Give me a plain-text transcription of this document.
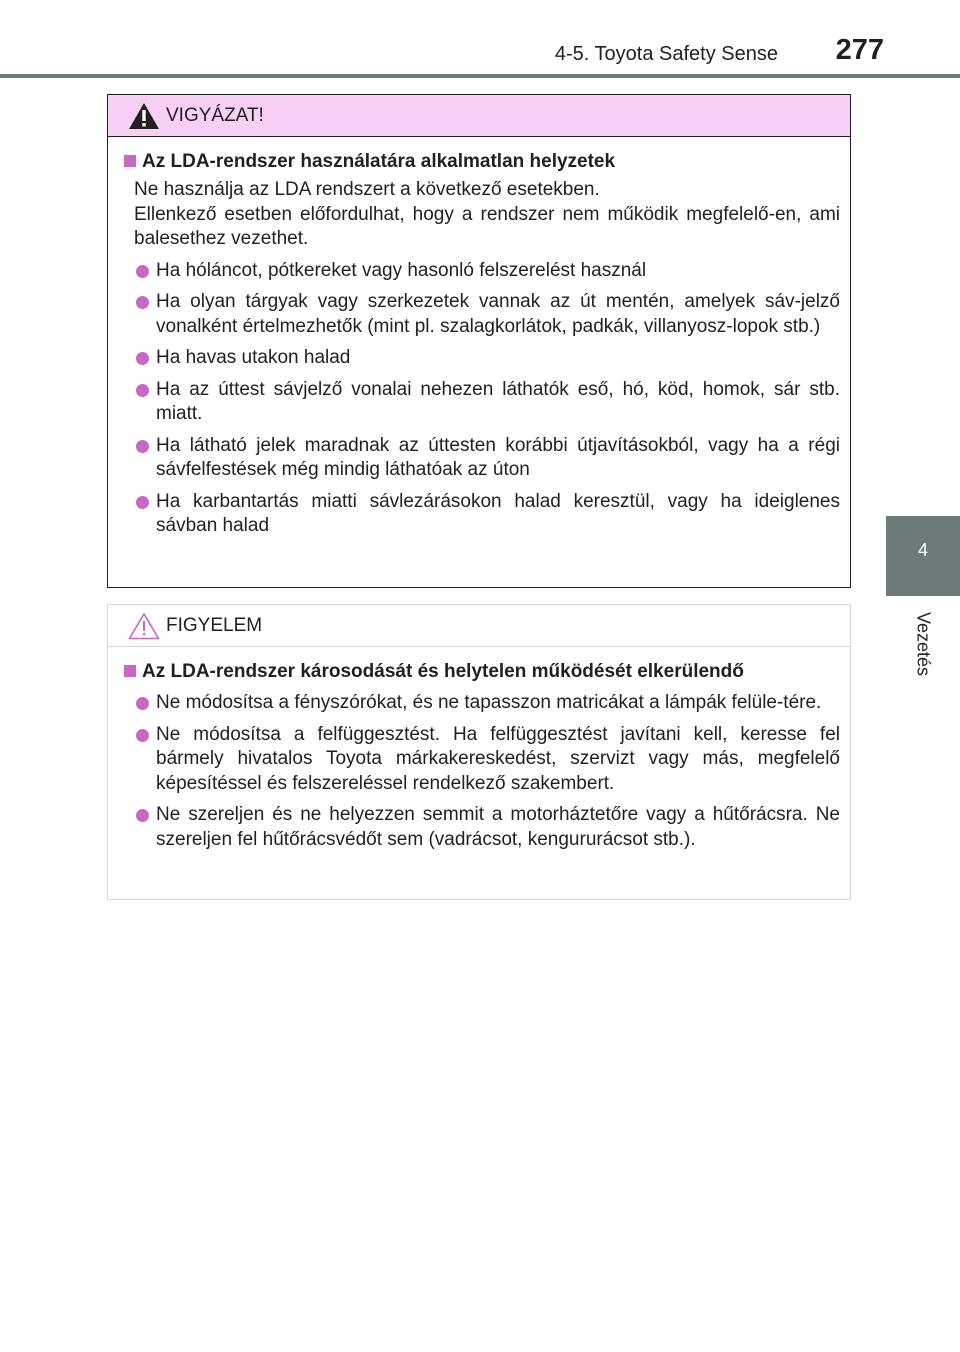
4-5. Toyota Safety Sense 277
4
Vezetés
VIGYÁZAT!
Az LDA-rendszer használatára alkalmatlan helyzetek

Ne használja az LDA rendszert a következő esetekben.

Ellenkező esetben előfordulhat, hogy a rendszer nem működik megfelelő-en, ami balesethez vezethet.

Ha hóláncot, pótkereket vagy hasonló felszerelést használ
Ha olyan tárgyak vagy szerkezetek vannak az út mentén, amelyek sáv-jelző vonalként értelmezhetők (mint pl. szalagkorlátok, padkák, villanyosz-lopok stb.)
Ha havas utakon halad
Ha az úttest sávjelző vonalai nehezen láthatók eső, hó, köd, homok, sár stb. miatt.
Ha látható jelek maradnak az úttesten korábbi útjavításokból, vagy ha a régi sávfelfestések még mindig láthatóak az úton
Ha karbantartás miatti sávlezárásokon halad keresztül, vagy ha ideiglenes sávban halad
FIGYELEM
Az LDA-rendszer károsodását és helytelen működését elkerülendő
Ne módosítsa a fényszórókat, és ne tapasszon matricákat a lámpák felüle-tére.
Ne módosítsa a felfüggesztést. Ha felfüggesztést javítani kell, keresse fel bármely hivatalos Toyota márkakereskedést, szervizt vagy más, megfelelő képesítéssel és felszereléssel rendelkező szakembert.
Ne szereljen és ne helyezzen semmit a motorháztetőre vagy a hűtőrácsra. Ne szereljen fel hűtőrácsvédőt sem (vadrácsot, kengururácsot stb.).
